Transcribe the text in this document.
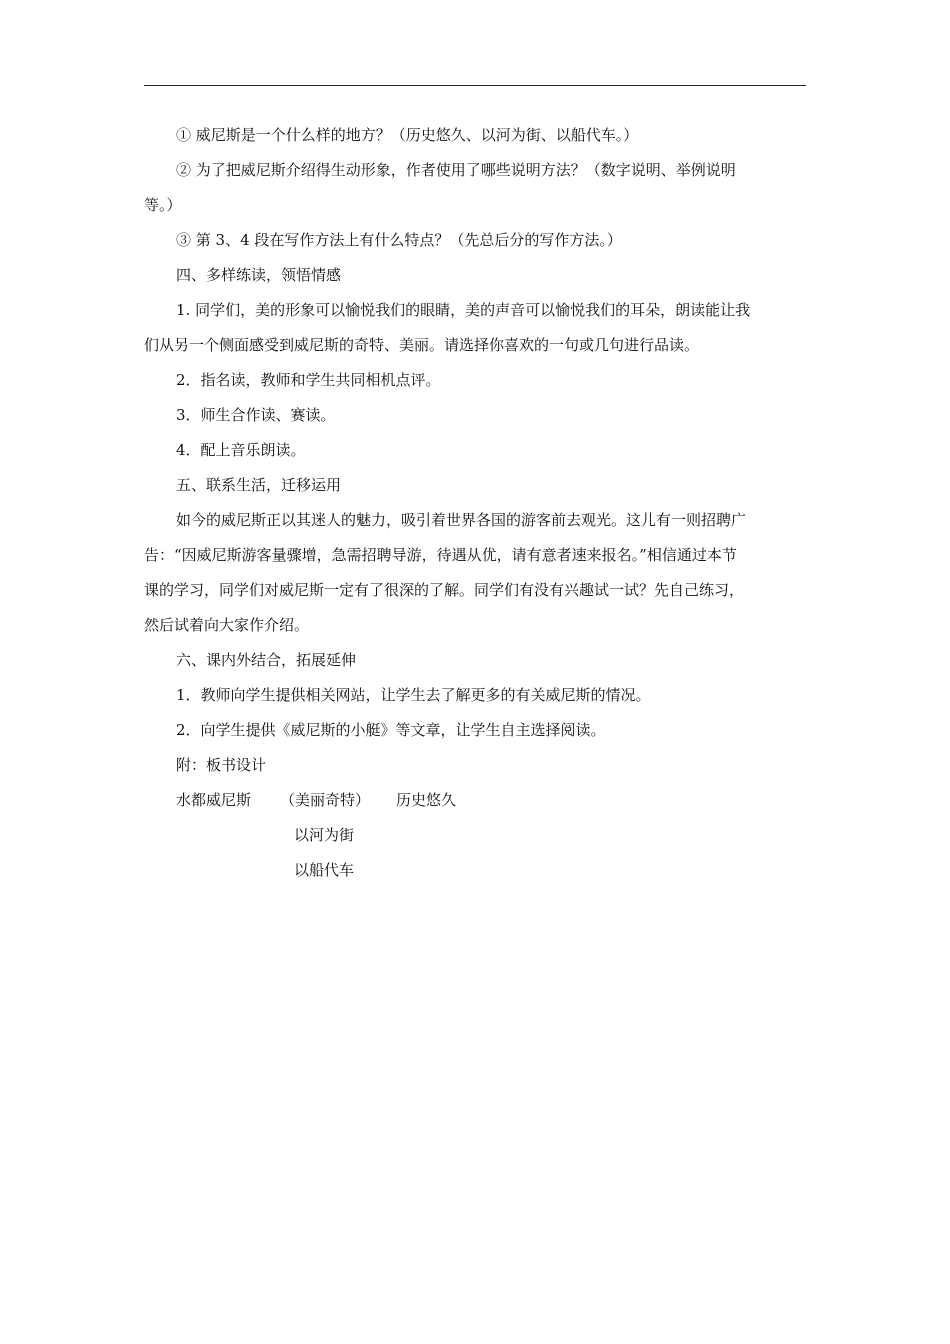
① 威尼斯是一个什么样的地方？（历史悠久、以河为街、以船代车。）

② 为了把威尼斯介绍得生动形象，作者使用了哪些说明方法？（数字说明、举例说明
等。）

③ 第 3、4 段在写作方法上有什么特点？（先总后分的写作方法。）

四、多样练读，领悟情感

1. 同学们，美的形象可以愉悦我们的眼睛，美的声音可以愉悦我们的耳朵，朗读能让我
们从另一个侧面感受到威尼斯的奇特、美丽。请选择你喜欢的一句或几句进行品读。

2．指名读，教师和学生共同相机点评。

3．师生合作读、赛读。

4．配上音乐朗读。

五、联系生活，迁移运用

如今的威尼斯正以其迷人的魅力，吸引着世界各国的游客前去观光。这儿有一则招聘广
告：“因威尼斯游客量骤增，急需招聘导游，待遇从优，请有意者速来报名。”相信通过本节
课的学习，同学们对威尼斯一定有了很深的了解。同学们有没有兴趣试一试？先自己练习，
然后试着向大家作介绍。

六、课内外结合，拓展延伸

1．教师向学生提供相关网站，让学生去了解更多的有关威尼斯的情况。

2．向学生提供《威尼斯的小艇》等文章，让学生自主选择阅读。

附：板书设计

水都威尼斯 （美丽奇特） 历史悠久
以河为街
以船代车
